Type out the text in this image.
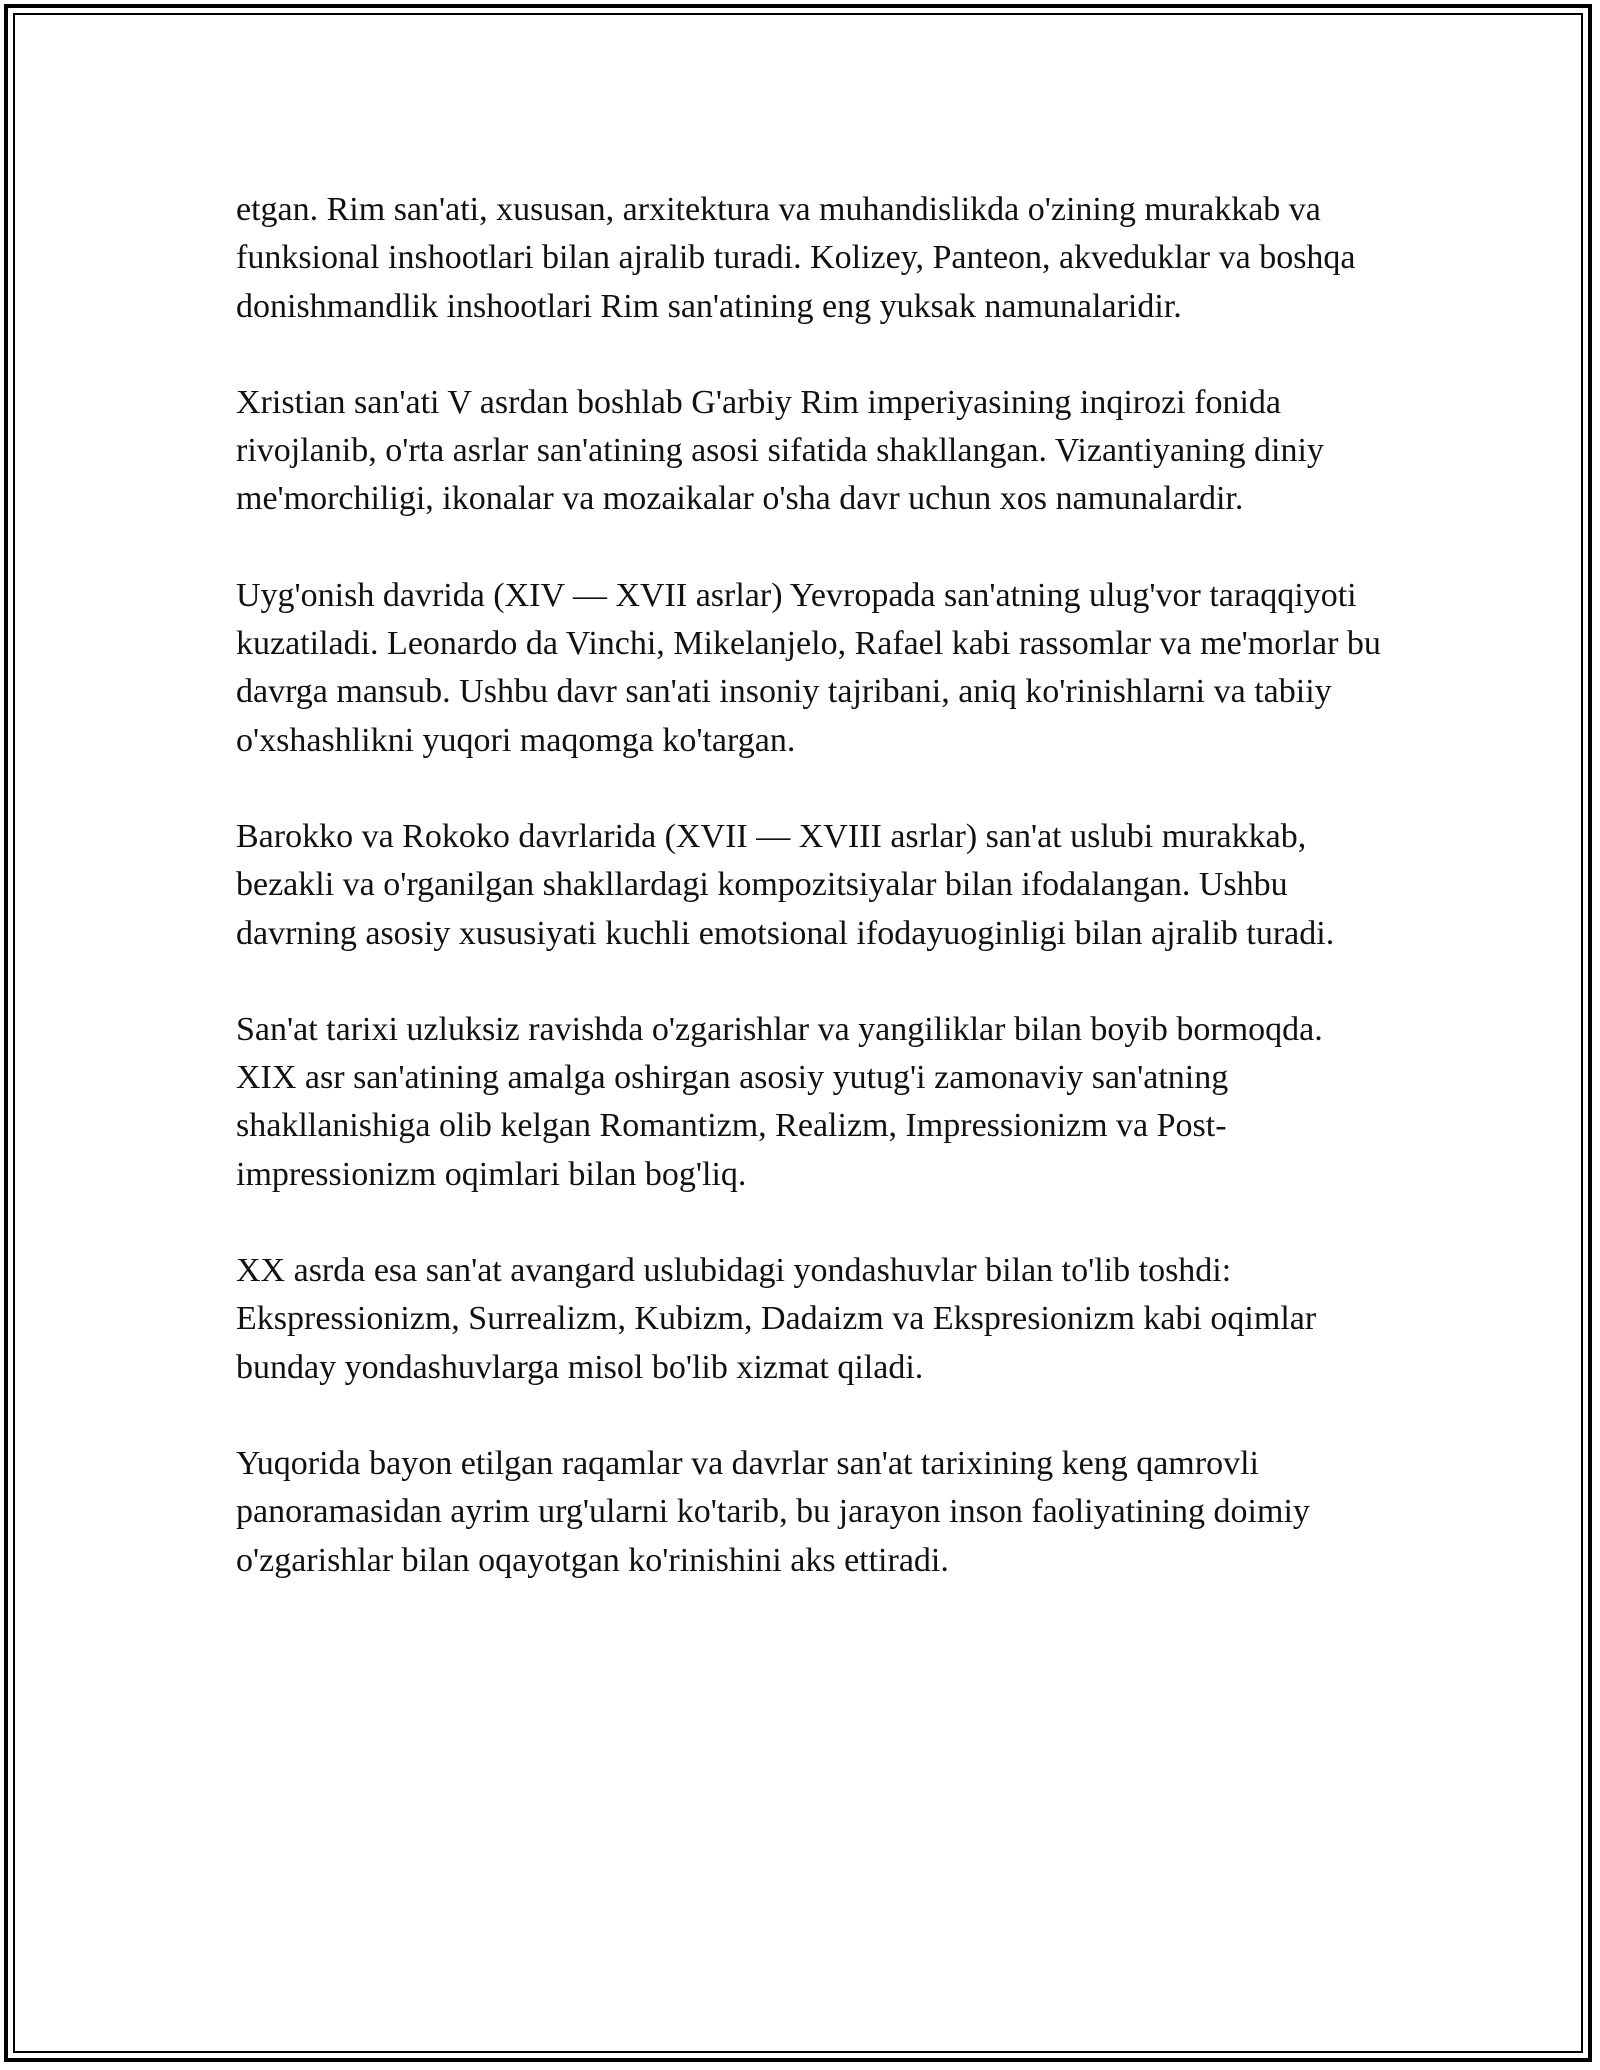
etgan. Rim san'ati, xususan, arxitektura va muhandislikda o'zining murakkab va funksional inshootlari bilan ajralib turadi. Kolizey, Panteon, akveduklar va boshqa donishmandlik inshootlari Rim san'atining eng yuksak namunalaridir.

Xristian san'ati V asrdan boshlab G'arbiy Rim imperiyasining inqirozi fonida rivojlanib, o'rta asrlar san'atining asosi sifatida shakllangan. Vizantiyaning diniy me'morchiligi, ikonalar va mozaikalar o'sha davr uchun xos namunalardir.

Uyg'onish davrida (XIV — XVII asrlar) Yevropada san'atning ulug'vor taraqqiyoti kuzatiladi. Leonardo da Vinchi, Mikelanjelo, Rafael kabi rassomlar va me'morlar bu davrga mansub. Ushbu davr san'ati insoniy tajribani, aniq ko'rinishlarni va tabiiy o'xshashlikni yuqori maqomga ko'targan.

Barokko va Rokoko davrlarida (XVII — XVIII asrlar) san'at uslubi murakkab, bezakli va o'rganilgan shakllardagi kompozitsiyalar bilan ifodalangan. Ushbu davrning asosiy xususiyati kuchli emotsional ifodayuoginligi bilan ajralib turadi.

San'at tarixi uzluksiz ravishda o'zgarishlar va yangiliklar bilan boyib bormoqda. XIX asr san'atining amalga oshirgan asosiy yutug'i zamonaviy san'atning shakllanishiga olib kelgan Romantizm, Realizm, Impressionizm va Post-impressionizm oqimlari bilan bog'liq.

XX asrda esa san'at avangard uslubidagi yondashuvlar bilan to'lib toshdi: Ekspressionizm, Surrealizm, Kubizm, Dadaizm va Ekspresionizm kabi oqimlar bunday yondashuvlarga misol bo'lib xizmat qiladi.

Yuqorida bayon etilgan raqamlar va davrlar san'at tarixining keng qamrovli panoramasidan ayrim urg'ularni ko'tarib, bu jarayon inson faoliyatining doimiy o'zgarishlar bilan oqayotgan ko'rinishini aks ettiradi.
